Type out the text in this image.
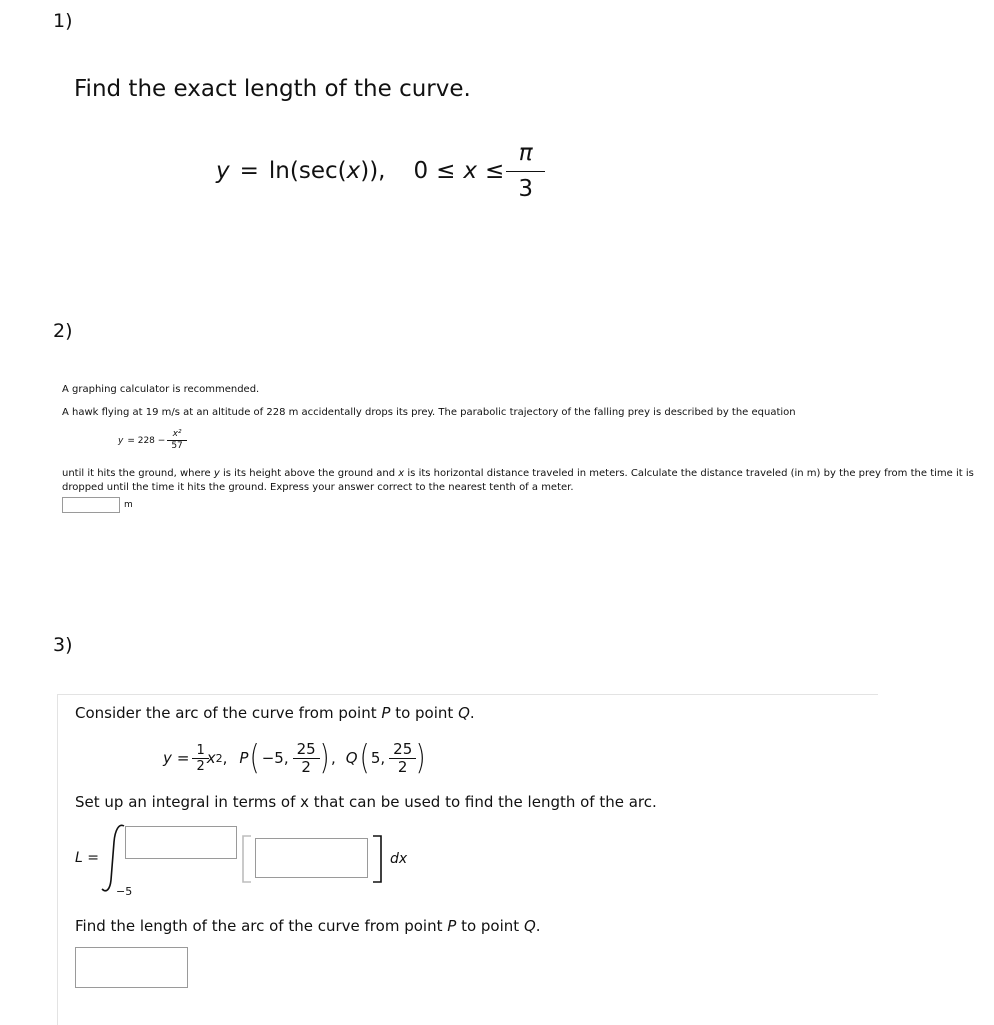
1)
Find the exact length of the curve.
y = ln(sec( x )), $0 \le x \le \frac{\pi}{3}$
2)
A graphing calculator is recommended.
A hawk flying at 19 m/s at an altitude of 228 m accidentally drops its prey. The parabolic trajectory of the falling prey is described by the equation
$y = 228 - \frac{\text{x²}}{57}$
until it hits the ground, where y is its height above the ground and x is its horizontal distance traveled in meters. Calculate the distance traveled (in m) by the prey from the time it is dropped until the time it hits the ground. Express your answer correct to the nearest tenth of a meter.
m
3)
Consider the arc of the curve from point P to point Q.
$y = \frac{1}{2}$ x 2 , P ( −5, $\frac{25}{2}$ ) , Q ( 5, $\frac{25}{2}$ )
Set up an integral in terms of x that can be used to find the length of the arc.
L =
−5
dx
Find the length of the arc of the curve from point P to point Q.
